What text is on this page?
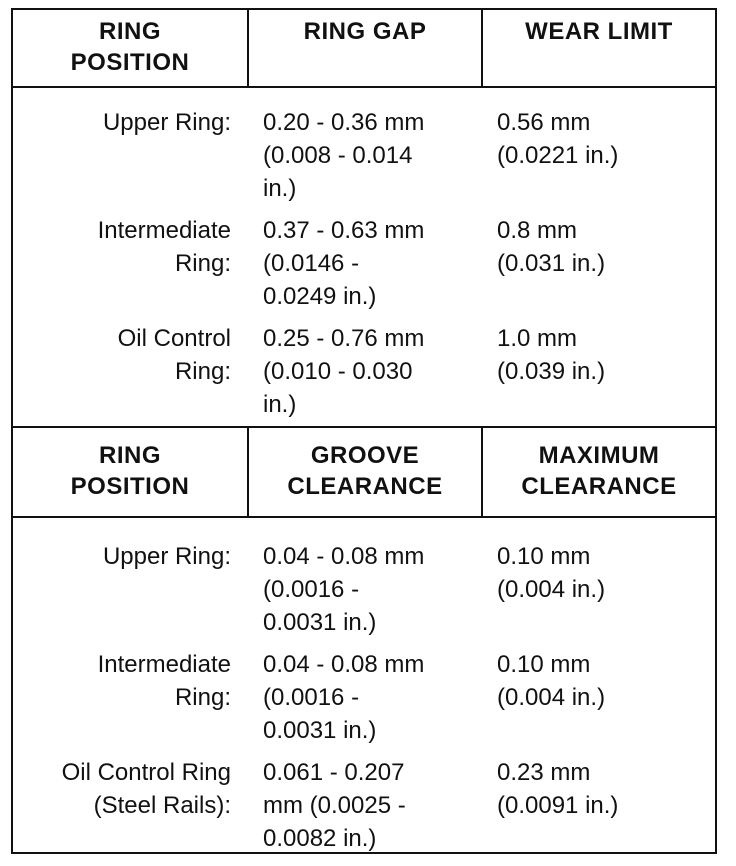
RING
POSITION
RING GAP	WEAR LIMIT
Upper Ring: 0.20 - 0.36 mm
(0.008 - 0.014
in.)
0.56 mm
(0.0221 in.)
Intermediate
Ring:
0.37 - 0.63 mm
(0.0146 -
0.0249 in.)
0.8 mm
(0.031 in.)
Oil Control
Ring:
0.25 - 0.76 mm
(0.010 - 0.030
in.)
1.0 mm
(0.039 in.)
RING
POSITION
GROOVE
CLEARANCE
MAXIMUM
CLEARANCE
Upper Ring: 0.04 - 0.08 mm
(0.0016 -
0.0031 in.)
0.10 mm
(0.004 in.)
Intermediate
Ring:
0.04 - 0.08 mm
(0.0016 -
0.0031 in.)
0.10 mm
(0.004 in.)
Oil Control Ring
(Steel Rails):
0.061 - 0.207
mm (0.0025 -
0.0082 in.)
0.23 mm
(0.0091 in.)
